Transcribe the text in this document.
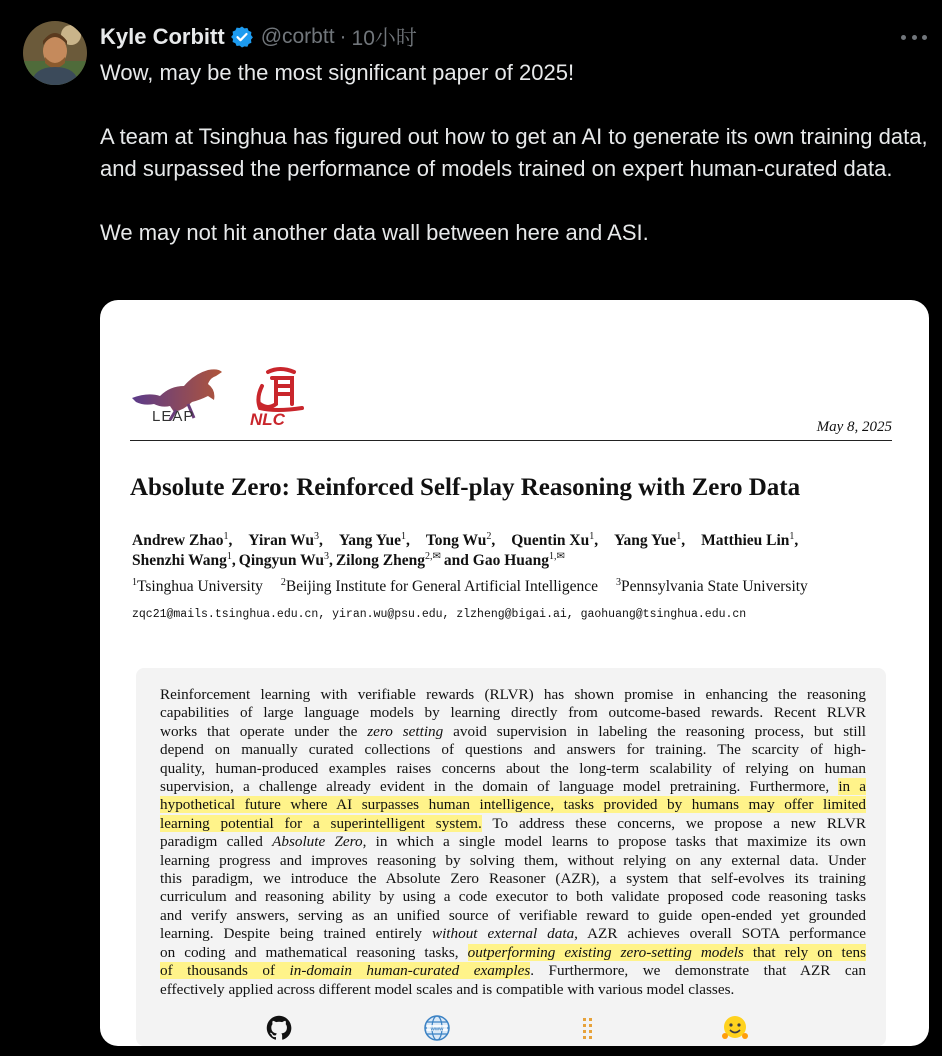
Kyle Corbitt @corbtt · 10小时

Wow, may be the most significant paper of 2025!

A team at Tsinghua has figured out how to get an AI to generate its own training data, and surpassed the performance of models trained on expert human-curated data.

We may not hit another data wall between here and ASI.

LEAP	NLC	May 8, 2025
Absolute Zero: Reinforced Self-play Reasoning with Zero Data
Andrew Zhao$^1$, Yiran Wu$^3$, Yang Yue$^1$, Tong Wu$^2$, Quentin Xu$^1$, Yang Yue$^1$, Matthieu Lin$^1$,
Shenzhi Wang$^1$, Qingyun Wu$^3$, Zilong Zheng$^{2,✉}$ and Gao Huang$^{1,✉}$
$^1$Tsinghua University $^2$Beijing Institute for General Artificial Intelligence $^3$Pennsylvania State University
zqc21@mails.tsinghua.edu.cn, yiran.wu@psu.edu, zlzheng@bigai.ai, gaohuang@tsinghua.edu.cn
Reinforcement learning with verifiable rewards (RLVR) has shown promise in enhancing the reasoning
capabilities of large language models by learning directly from outcome-based rewards. Recent RLVR
works that operate under the zero setting avoid supervision in labeling the reasoning process, but still
depend on manually curated collections of questions and answers for training. The scarcity of high-
quality, human-produced examples raises concerns about the long-term scalability of relying on human
supervision, a challenge already evident in the domain of language model pretraining. Furthermore, in a
hypothetical future where AI surpasses human intelligence, tasks provided by humans may offer limited
learning potential for a superintelligent system. To address these concerns, we propose a new RLVR
paradigm called Absolute Zero, in which a single model learns to propose tasks that maximize its own
learning progress and improves reasoning by solving them, without relying on any external data. Under
this paradigm, we introduce the Absolute Zero Reasoner (AZR), a system that self-evolves its training
curriculum and reasoning ability by using a code executor to both validate proposed code reasoning tasks
and verify answers, serving as an unified source of verifiable reward to guide open-ended yet grounded
learning. Despite being trained entirely without external data, AZR achieves overall SOTA performance
on coding and mathematical reasoning tasks, outperforming existing zero-setting models that rely on tens
of thousands of in-domain human-curated examples. Furthermore, we demonstrate that AZR can
effectively applied across different model scales and is compatible with various model classes.
www
